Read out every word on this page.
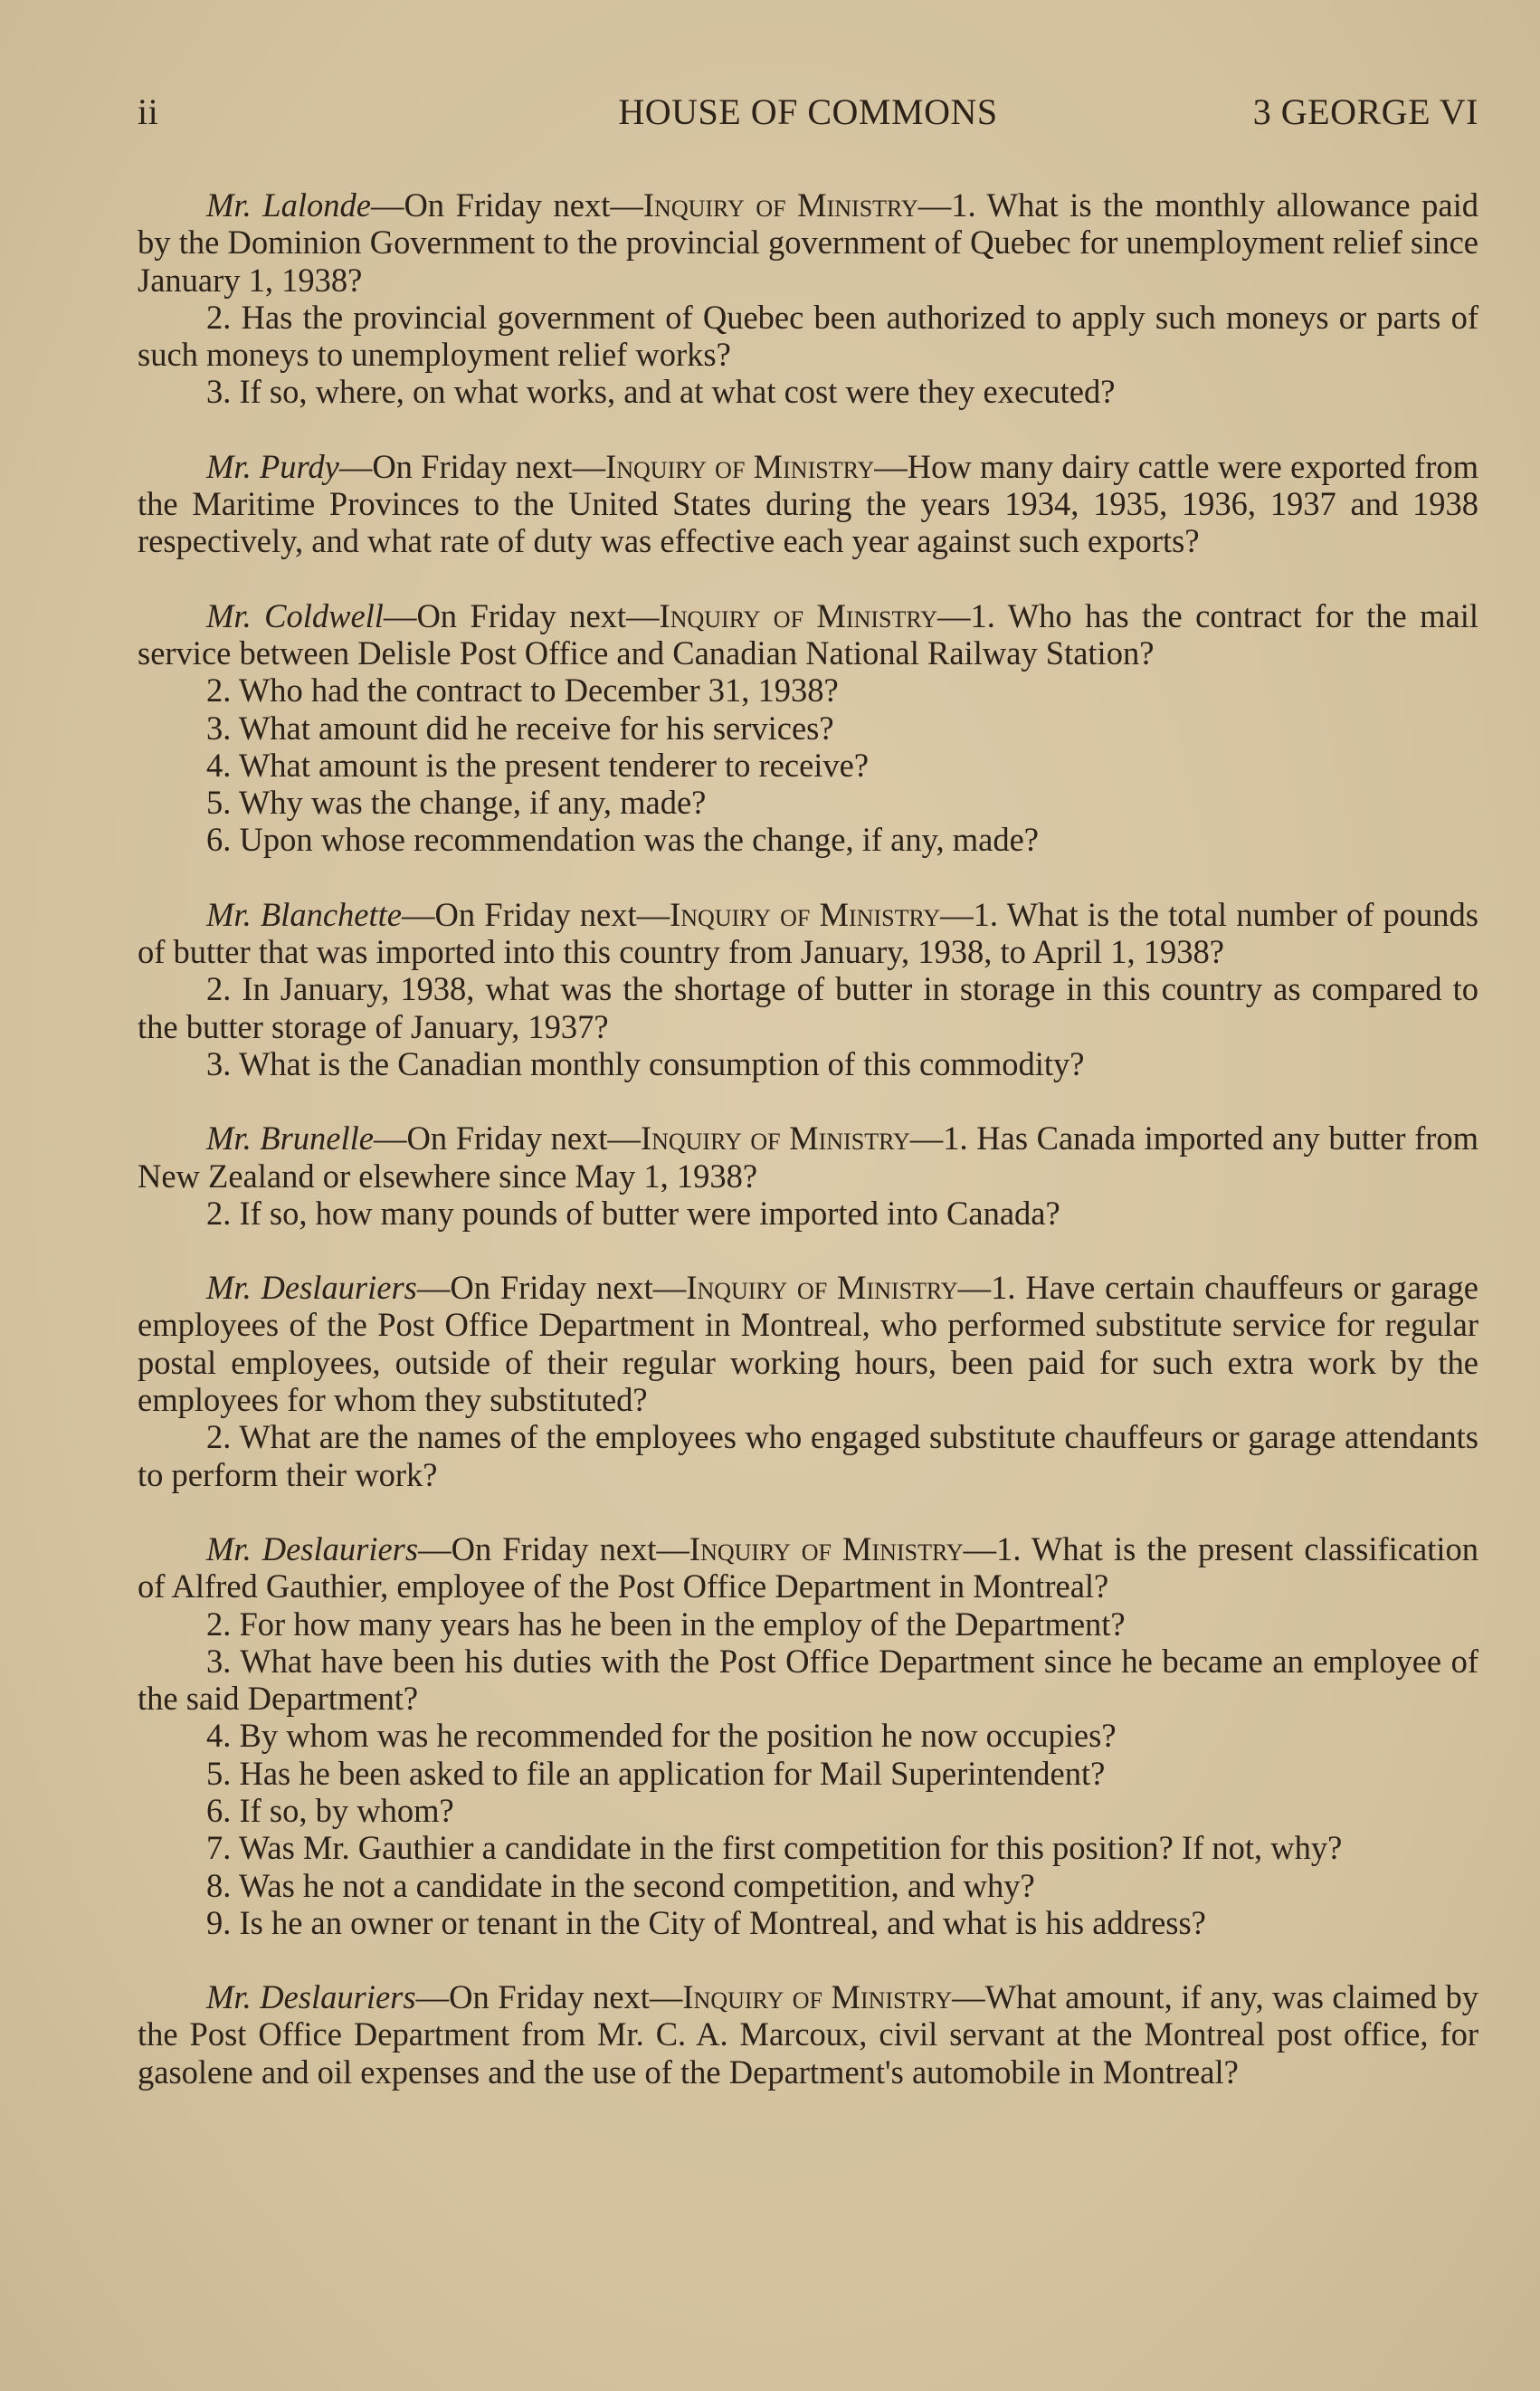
ii	HOUSE OF COMMONS	3 GEORGE VI

Mr. Lalonde—On Friday next—Inquiry of Ministry—1. What is the monthly allowance paid by the Dominion Government to the provincial government of Quebec for unemployment relief since January 1, 1938?

2. Has the provincial government of Quebec been authorized to apply such moneys or parts of such moneys to unemployment relief works?

3. If so, where, on what works, and at what cost were they executed?

Mr. Purdy—On Friday next—Inquiry of Ministry—How many dairy cattle were exported from the Maritime Provinces to the United States during the years 1934, 1935, 1936, 1937 and 1938 respectively, and what rate of duty was effective each year against such exports?

Mr. Coldwell—On Friday next—Inquiry of Ministry—1. Who has the contract for the mail service between Delisle Post Office and Canadian National Railway Station?

2. Who had the contract to December 31, 1938?

3. What amount did he receive for his services?

4. What amount is the present tenderer to receive?

5. Why was the change, if any, made?

6. Upon whose recommendation was the change, if any, made?

Mr. Blanchette—On Friday next—Inquiry of Ministry—1. What is the total number of pounds of butter that was imported into this country from January, 1938, to April 1, 1938?

2. In January, 1938, what was the shortage of butter in storage in this country as compared to the butter storage of January, 1937?

3. What is the Canadian monthly consumption of this commodity?

Mr. Brunelle—On Friday next—Inquiry of Ministry—1. Has Canada imported any butter from New Zealand or elsewhere since May 1, 1938?

2. If so, how many pounds of butter were imported into Canada?

Mr. Deslauriers—On Friday next—Inquiry of Ministry—1. Have certain chauffeurs or garage employees of the Post Office Department in Montreal, who performed substitute service for regular postal employees, outside of their regular working hours, been paid for such extra work by the employees for whom they substituted?

2. What are the names of the employees who engaged substitute chauffeurs or garage attendants to perform their work?

Mr. Deslauriers—On Friday next—Inquiry of Ministry—1. What is the present classification of Alfred Gauthier, employee of the Post Office Department in Montreal?

2. For how many years has he been in the employ of the Department?

3. What have been his duties with the Post Office Department since he became an employee of the said Department?

4. By whom was he recommended for the position he now occupies?

5. Has he been asked to file an application for Mail Superintendent?

6. If so, by whom?

7. Was Mr. Gauthier a candidate in the first competition for this position? If not, why?

8. Was he not a candidate in the second competition, and why?

9. Is he an owner or tenant in the City of Montreal, and what is his address?

Mr. Deslauriers—On Friday next—Inquiry of Ministry—What amount, if any, was claimed by the Post Office Department from Mr. C. A. Marcoux, civil servant at the Montreal post office, for gasolene and oil expenses and the use of the Department's automobile in Montreal?
